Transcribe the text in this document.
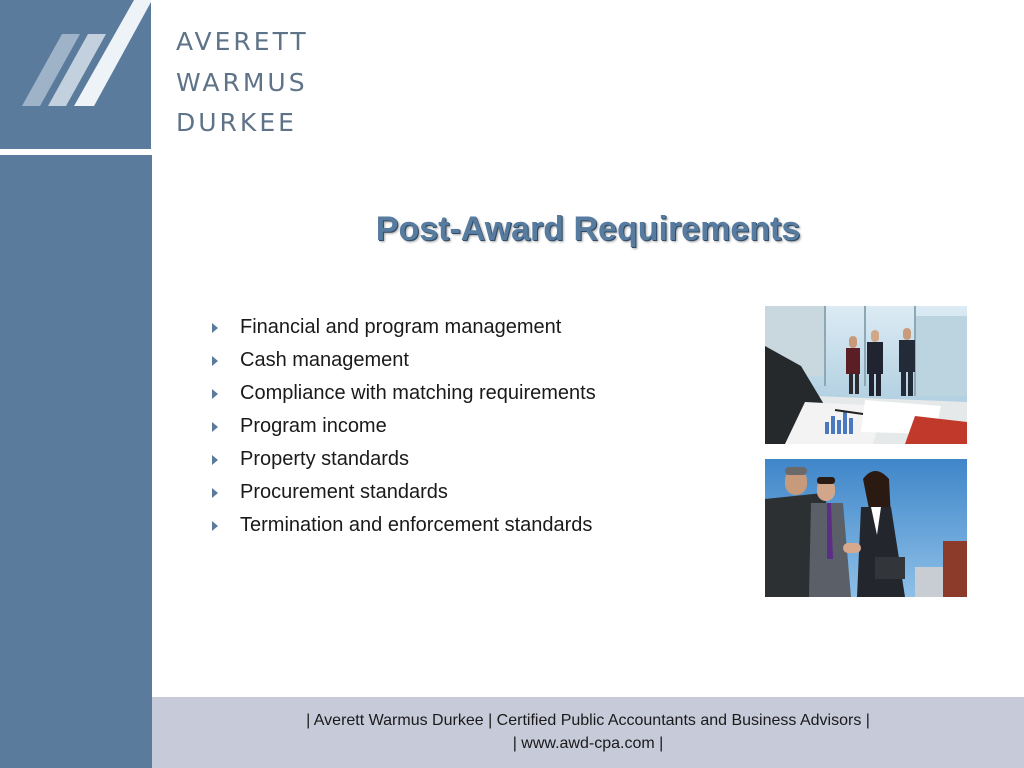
AVERETT
WARMUS
DURKEE
Post-Award Requirements
Financial and program management
Cash management
Compliance with matching requirements
Program income
Property standards
Procurement standards
Termination and enforcement standards
| Averett Warmus Durkee | Certified Public Accountants and Business Advisors |
| www.awd-cpa.com |
